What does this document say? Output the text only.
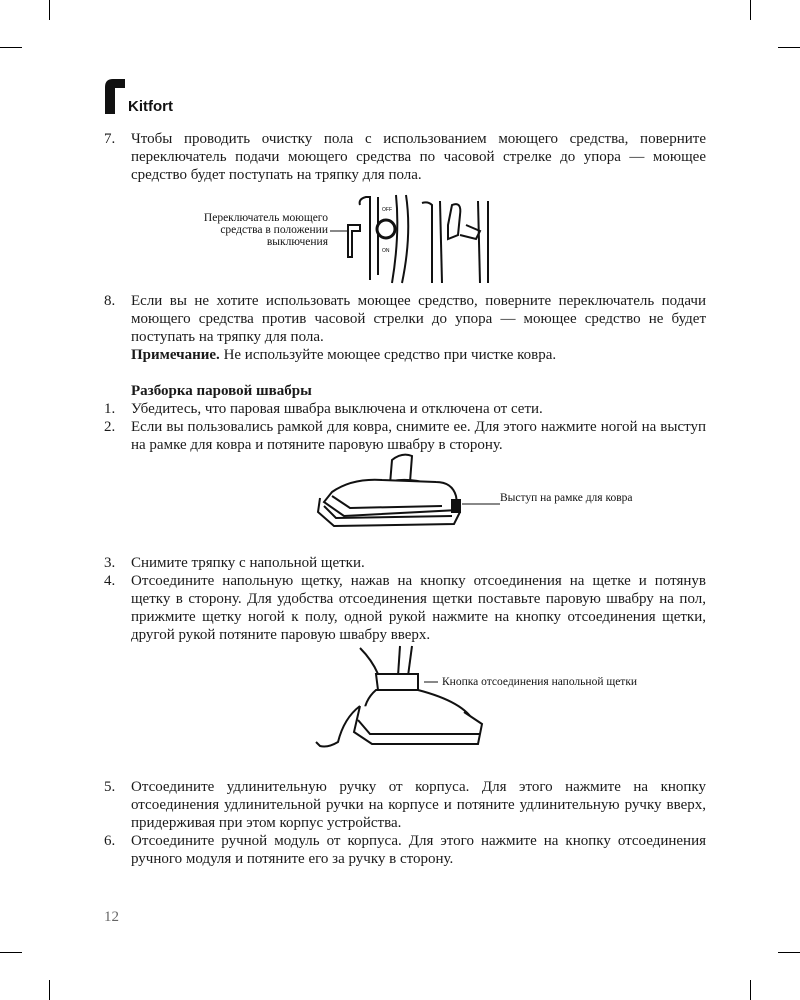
Kitfort
7.	Чтобы проводить очистку пола с использованием моющего средства, поверните переключатель подачи моющего средства по часовой стрелке до упора — моющее средство будет поступать на тряпку для пола.
Переключатель моющего средства в положении выключения
OFF
ON
8.	Если вы не хотите использовать моющее средство, поверните переключатель подачи моющего средства против часовой стрелки до упора — моющее средство не будет поступать на тряпку для пола.
Примечание. Не используйте моющее средство при чистке ковра.
Разборка паровой швабры
1.	Убедитесь, что паровая швабра выключена и отключена от сети.
2.	Если вы пользовались рамкой для ковра, снимите ее. Для этого нажмите ногой на выступ на рамке для ковра и потяните паровую швабру в сторону.
Выступ на рамке для ковра
3.	Снимите тряпку с напольной щетки.
4.	Отсоедините напольную щетку, нажав на кнопку отсоединения на щетке и потянув щетку в сторону. Для удобства отсоединения щетки поставьте паровую швабру на пол, прижмите щетку ногой к полу, одной рукой нажмите на кнопку отсоединения щетки, другой рукой потяните паровую швабру вверх.
Кнопка отсоединения напольной щетки
5.	Отсоедините удлинительную ручку от корпуса. Для этого нажмите на кнопку отсоединения удлинительной ручки на корпусе и потяните удлинительную ручку вверх, придерживая при этом корпус устройства.
6.	Отсоедините ручной модуль от корпуса. Для этого нажмите на кнопку отсоединения ручного модуля и потяните его за ручку в сторону.
12
